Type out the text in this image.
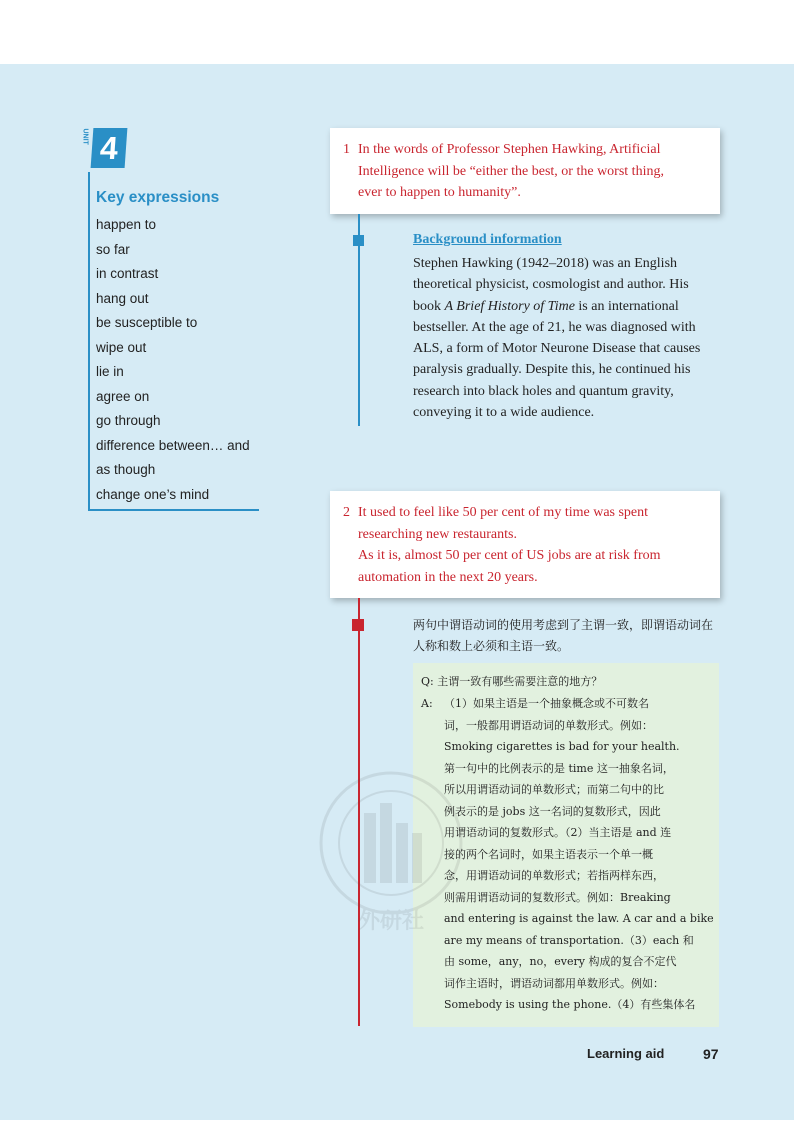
UNIT 4
Key expressions
happen to
so far
in contrast
hang out
be susceptible to
wipe out
lie in
agree on
go through
difference between… and
as though
change one’s mind
1 In the words of Professor Stephen Hawking, Artificial
Intelligence will be “either the best, or the worst thing,
ever to happen to humanity”.
Background information

Stephen Hawking (1942–2018) was an English theoretical physicist, cosmologist and author. His book A Brief History of Time is an international bestseller. At the age of 21, he was diagnosed with ALS, a form of Motor Neurone Disease that causes paralysis gradually. Despite this, he continued his research into black holes and quantum gravity, conveying it to a wide audience.

2 It used to feel like 50 per cent of my time was spent
researching new restaurants.
As it is, almost 50 per cent of US jobs are at risk from
automation in the next 20 years.

两句中谓语动词的使用考虑到了主谓一致，即谓语动词在人称和数上必须和主语一致。

Q: 主谓一致有哪些需要注意的地方？
A: （1）如果主语是一个抽象概念或不可数名
词，一般都用谓语动词的单数形式。例如：
Smoking cigarettes is bad for your health.
第一句中的比例表示的是 time 这一抽象名词，
所以用谓语动词的单数形式；而第二句中的比
例表示的是 jobs 这一名词的复数形式，因此
用谓语动词的复数形式。（2）当主语是 and 连
接的两个名词时，如果主语表示一个单一概
念，用谓语动词的单数形式；若指两样东西，
则需用谓语动词的复数形式。例如：Breaking
and entering is against the law. A car and a bike
are my means of transportation.（3）each 和
由 some，any，no，every 构成的复合不定代
词作主语时，谓语动词都用单数形式。例如：
Somebody is using the phone.（4）有些集体名
外研社
Learning aid	97
